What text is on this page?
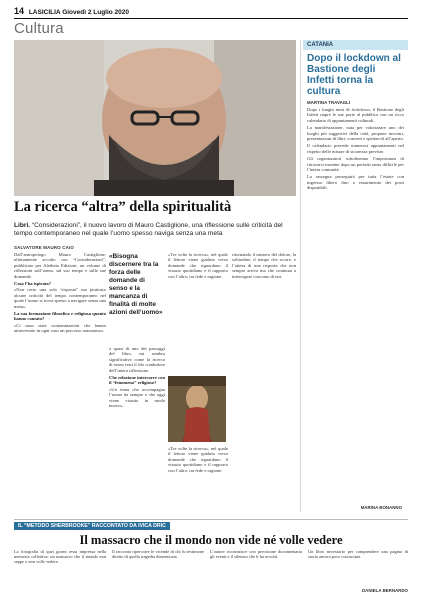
14 LASICILIA Giovedì 2 Luglio 2020
Cultura
La ricerca “altra” della spiritualità
Libri. “Considerazioni”, il nuovo lavoro di Mauro Castiglione, una riflessione sulle criticità del tempo contemporaneo nel quale l’uomo spesso naviga senza una meta
SALVATORE MAURO CAIO

Dall’antropologo Mauro Castiglione, ultimamente accolto con “Considerazioni”, pubblicato per Aletheia Edizioni, un volume di riflessioni sull’uomo, sul suo tempo e sulle sue domande.

Cosa l’ha ispirata?

«Non certo una sola “risposta” ma piuttosto alcune criticità del tempo contemporaneo nel quale l’uomo si trova spesso a navigare senza una meta».

La sua formazione filosofica e religiosa quanto hanno contato?

«Ci sono state contaminazioni che hanno attraversato in ogni caso un percorso autonomo».

«Bisogna discernere tra la forza delle domande di senso e la mancanza di finalità di molte azioni dell’uomo»

a quasi di uno dei passaggi del libro, mi sembra significativo come la ricerca di senso resti il filo conduttore dell’intera riflessione.

Che relazione intercorre con il “fenomeno” religioso?

«Un tema che accompagna l’uomo da sempre e che oggi viene vissuto in modo nuovo».

«Tre volte la ricerca», nel quale il lettore viene guidato verso domande che riguardano il vissuto quotidiano e il rapporto con l’altro, tra fede e ragione.

«Tre volte la ricerca», nel quale il lettore viene guidato verso domande che riguardano il vissuto quotidiano e il rapporto con l’altro, tra fede e ragione.

ritornando il mistero del dolore, la solitudine, il tempo che scorre, e l’attesa di una risposta che non sempre arriva ma che continua a interrogare ciascuno di noi.

CATANIA
Dopo il lockdown al Bastione degli Infetti torna la cultura
MARTINA TRAVAGLI

Dopo i lunghi mesi di lockdown, il Bastione degli Infetti riapre le sue porte al pubblico con un ricco calendario di appuntamenti culturali.

La manifestazione, nata per valorizzare uno dei luoghi più suggestivi della città, propone incontri, presentazioni di libri, concerti e spettacoli all’aperto.

Il calendario prevede numerosi appuntamenti nel rispetto delle misure di sicurezza previste.

Gli organizzatori sottolineano l’importanza di ritrovarsi insieme dopo un periodo tanto difficile per l’intera comunità.

La rassegna proseguirà per tutta l’estate con ingresso libero fino a esaurimento dei posti disponibili.

MARINA BONANNO
IL “METODO SHERBROOKE” RACCONTATO DA IVICA DRIC
Il massacro che il mondo non vide né volle vedere
La fotografia di quei giorni resta impressa nella memoria collettiva: un massacro che il mondo non seppe o non volle vedere.
Il racconto ripercorre le vicende di chi fu testimone diretto di quella tragedia dimenticata.
L’autore ricostruisce con precisione documentaria gli eventi e il silenzio che li ha avvolti.
Un libro necessario per comprendere una pagina di storia ancora poco conosciuta.
DANIELA BERNARDO
